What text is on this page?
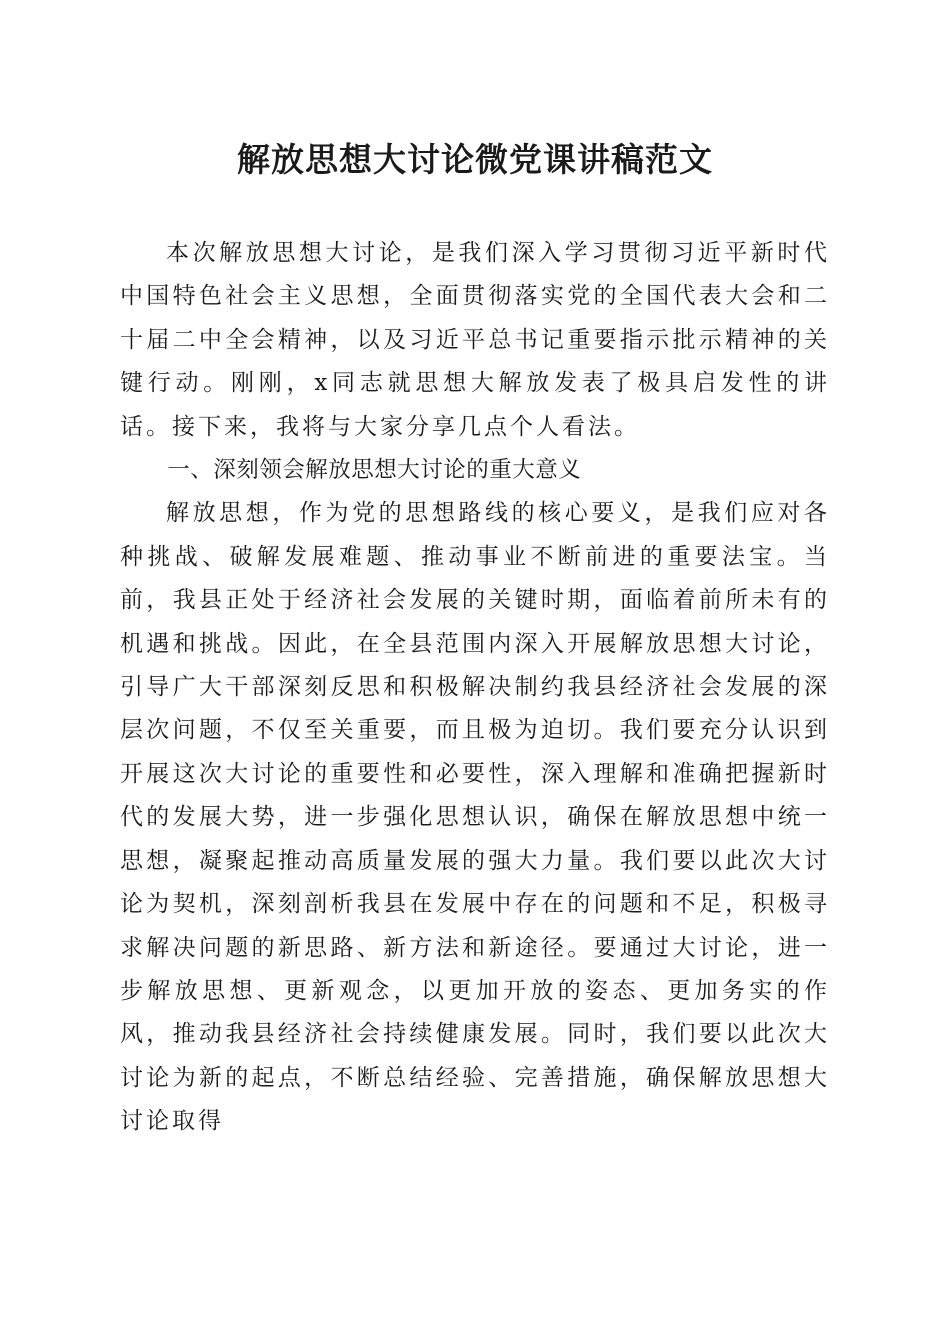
解放思想大讨论微党课讲稿范文

本次解放思想大讨论，是我们深入学习贯彻习近平新时代中国特色社会主义思想，全面贯彻落实党的全国代表大会和二十届二中全会精神，以及习近平总书记重要指示批示精神的关键行动。刚刚，x同志就思想大解放发表了极具启发性的讲话。接下来，我将与大家分享几点个人看法。

一、深刻领会解放思想大讨论的重大意义

解放思想，作为党的思想路线的核心要义，是我们应对各种挑战、破解发展难题、推动事业不断前进的重要法宝。当前，我县正处于经济社会发展的关键时期，面临着前所未有的机遇和挑战。因此，在全县范围内深入开展解放思想大讨论，引导广大干部深刻反思和积极解决制约我县经济社会发展的深层次问题，不仅至关重要，而且极为迫切。我们要充分认识到开展这次大讨论的重要性和必要性，深入理解和准确把握新时代的发展大势，进一步强化思想认识，确保在解放思想中统一思想，凝聚起推动高质量发展的强大力量。我们要以此次大讨论为契机，深刻剖析我县在发展中存在的问题和不足，积极寻求解决问题的新思路、新方法和新途径。要通过大讨论，进一步解放思想、更新观念，以更加开放的姿态、更加务实的作风，推动我县经济社会持续健康发展。同时，我们要以此次大讨论为新的起点，不断总结经验、完善措施，确保解放思想大讨论取得
